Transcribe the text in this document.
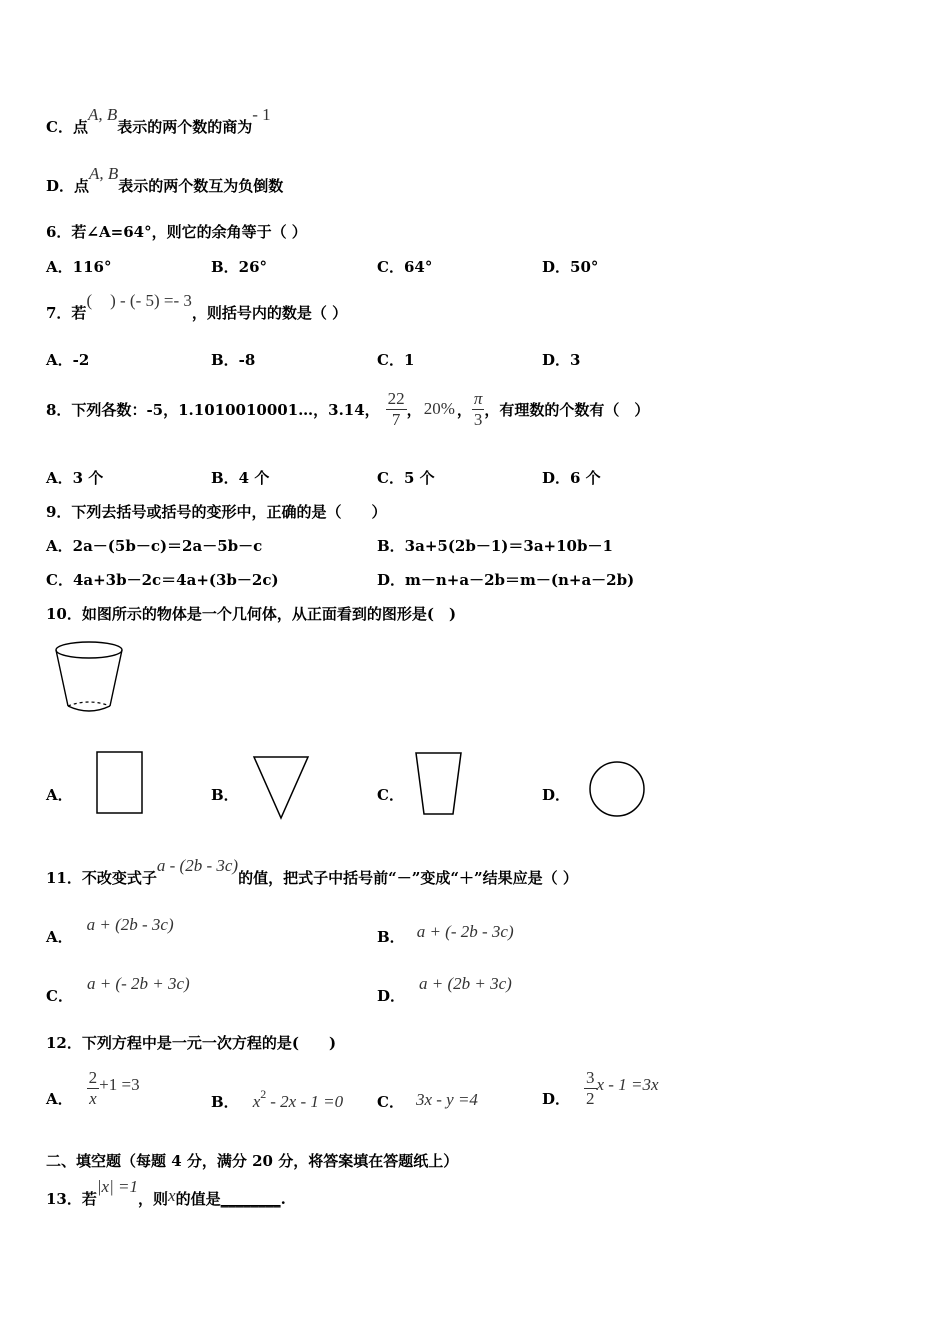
C．点A, B表示的两个数的商为- 1
D．点A, B表示的两个数互为负倒数
6．若∠A=64°，则它的余角等于（ ）
A．116°	B．26°	C．64°	D．50°
7．若( ) - (- 5) =- 3，则括号内的数是（ ）
A．-2	B．-8	C．1	D．3
8．下列各数：-5，1.1010010001…，3.14， $\frac{22}{7}$ ， 20% ， $\frac{\pi}{3}$ ，有理数的个数有（　）
A．3 个	B．4 个	C．5 个	D．6 个
9．下列去括号或括号的变形中，正确的是（　　）
A．2a－(5b－c)＝2a－5b－c	B．3a+5(2b－1)＝3a+10b－1
C．4a+3b－2c＝4a+(3b－2c)	D．m－n+a－2b＝m－(n+a－2b)
10．如图所示的物体是一个几何体，从正面看到的图形是(　)
A．	B．	C．	D．
11．不改变式子a - (2b - 3c)的值，把式子中括号前“－”变成“＋”结果应是（ ）
A．a + (2b - 3c)
B． a + (- 2b - 3c)
C．a + (- 2b + 3c)
D．a + (2b + 3c)
12．下列方程中是一元一次方程的是(　　)
A． $\frac{2}{x} +1 =3$
B． $x^2 - 2x - 1 =0$ C． 3x - y =4	D． $\frac{3}{2}$ x - 1 =3x
二、填空题（每题 4 分，满分 20 分，将答案填在答题纸上）
13．若|x| =1，则x的值是________.
